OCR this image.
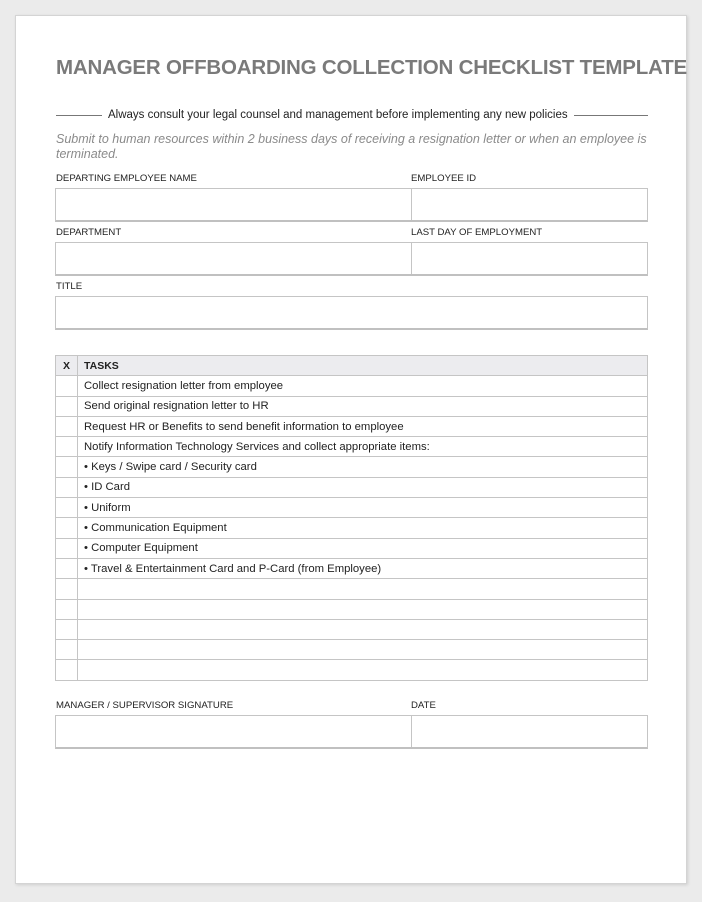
MANAGER OFFBOARDING COLLECTION CHECKLIST TEMPLATE
Always consult your legal counsel and management before implementing any new policies
Submit to human resources within 2 business days of receiving a resignation letter or when an employee is terminated.
DEPARTING EMPLOYEE NAME	EMPLOYEE ID
DEPARTMENT	LAST DAY OF EMPLOYMENT
TITLE
X	TASKS
	Collect resignation letter from employee
	Send original resignation letter to HR
	Request HR or Benefits to send benefit information to employee
	Notify Information Technology Services and collect appropriate items:
	• Keys / Swipe card / Security card
	• ID Card
	• Uniform
	• Communication Equipment
	• Computer Equipment
	• Travel & Entertainment Card and P-Card (from Employee)

MANAGER / SUPERVISOR SIGNATURE	DATE
